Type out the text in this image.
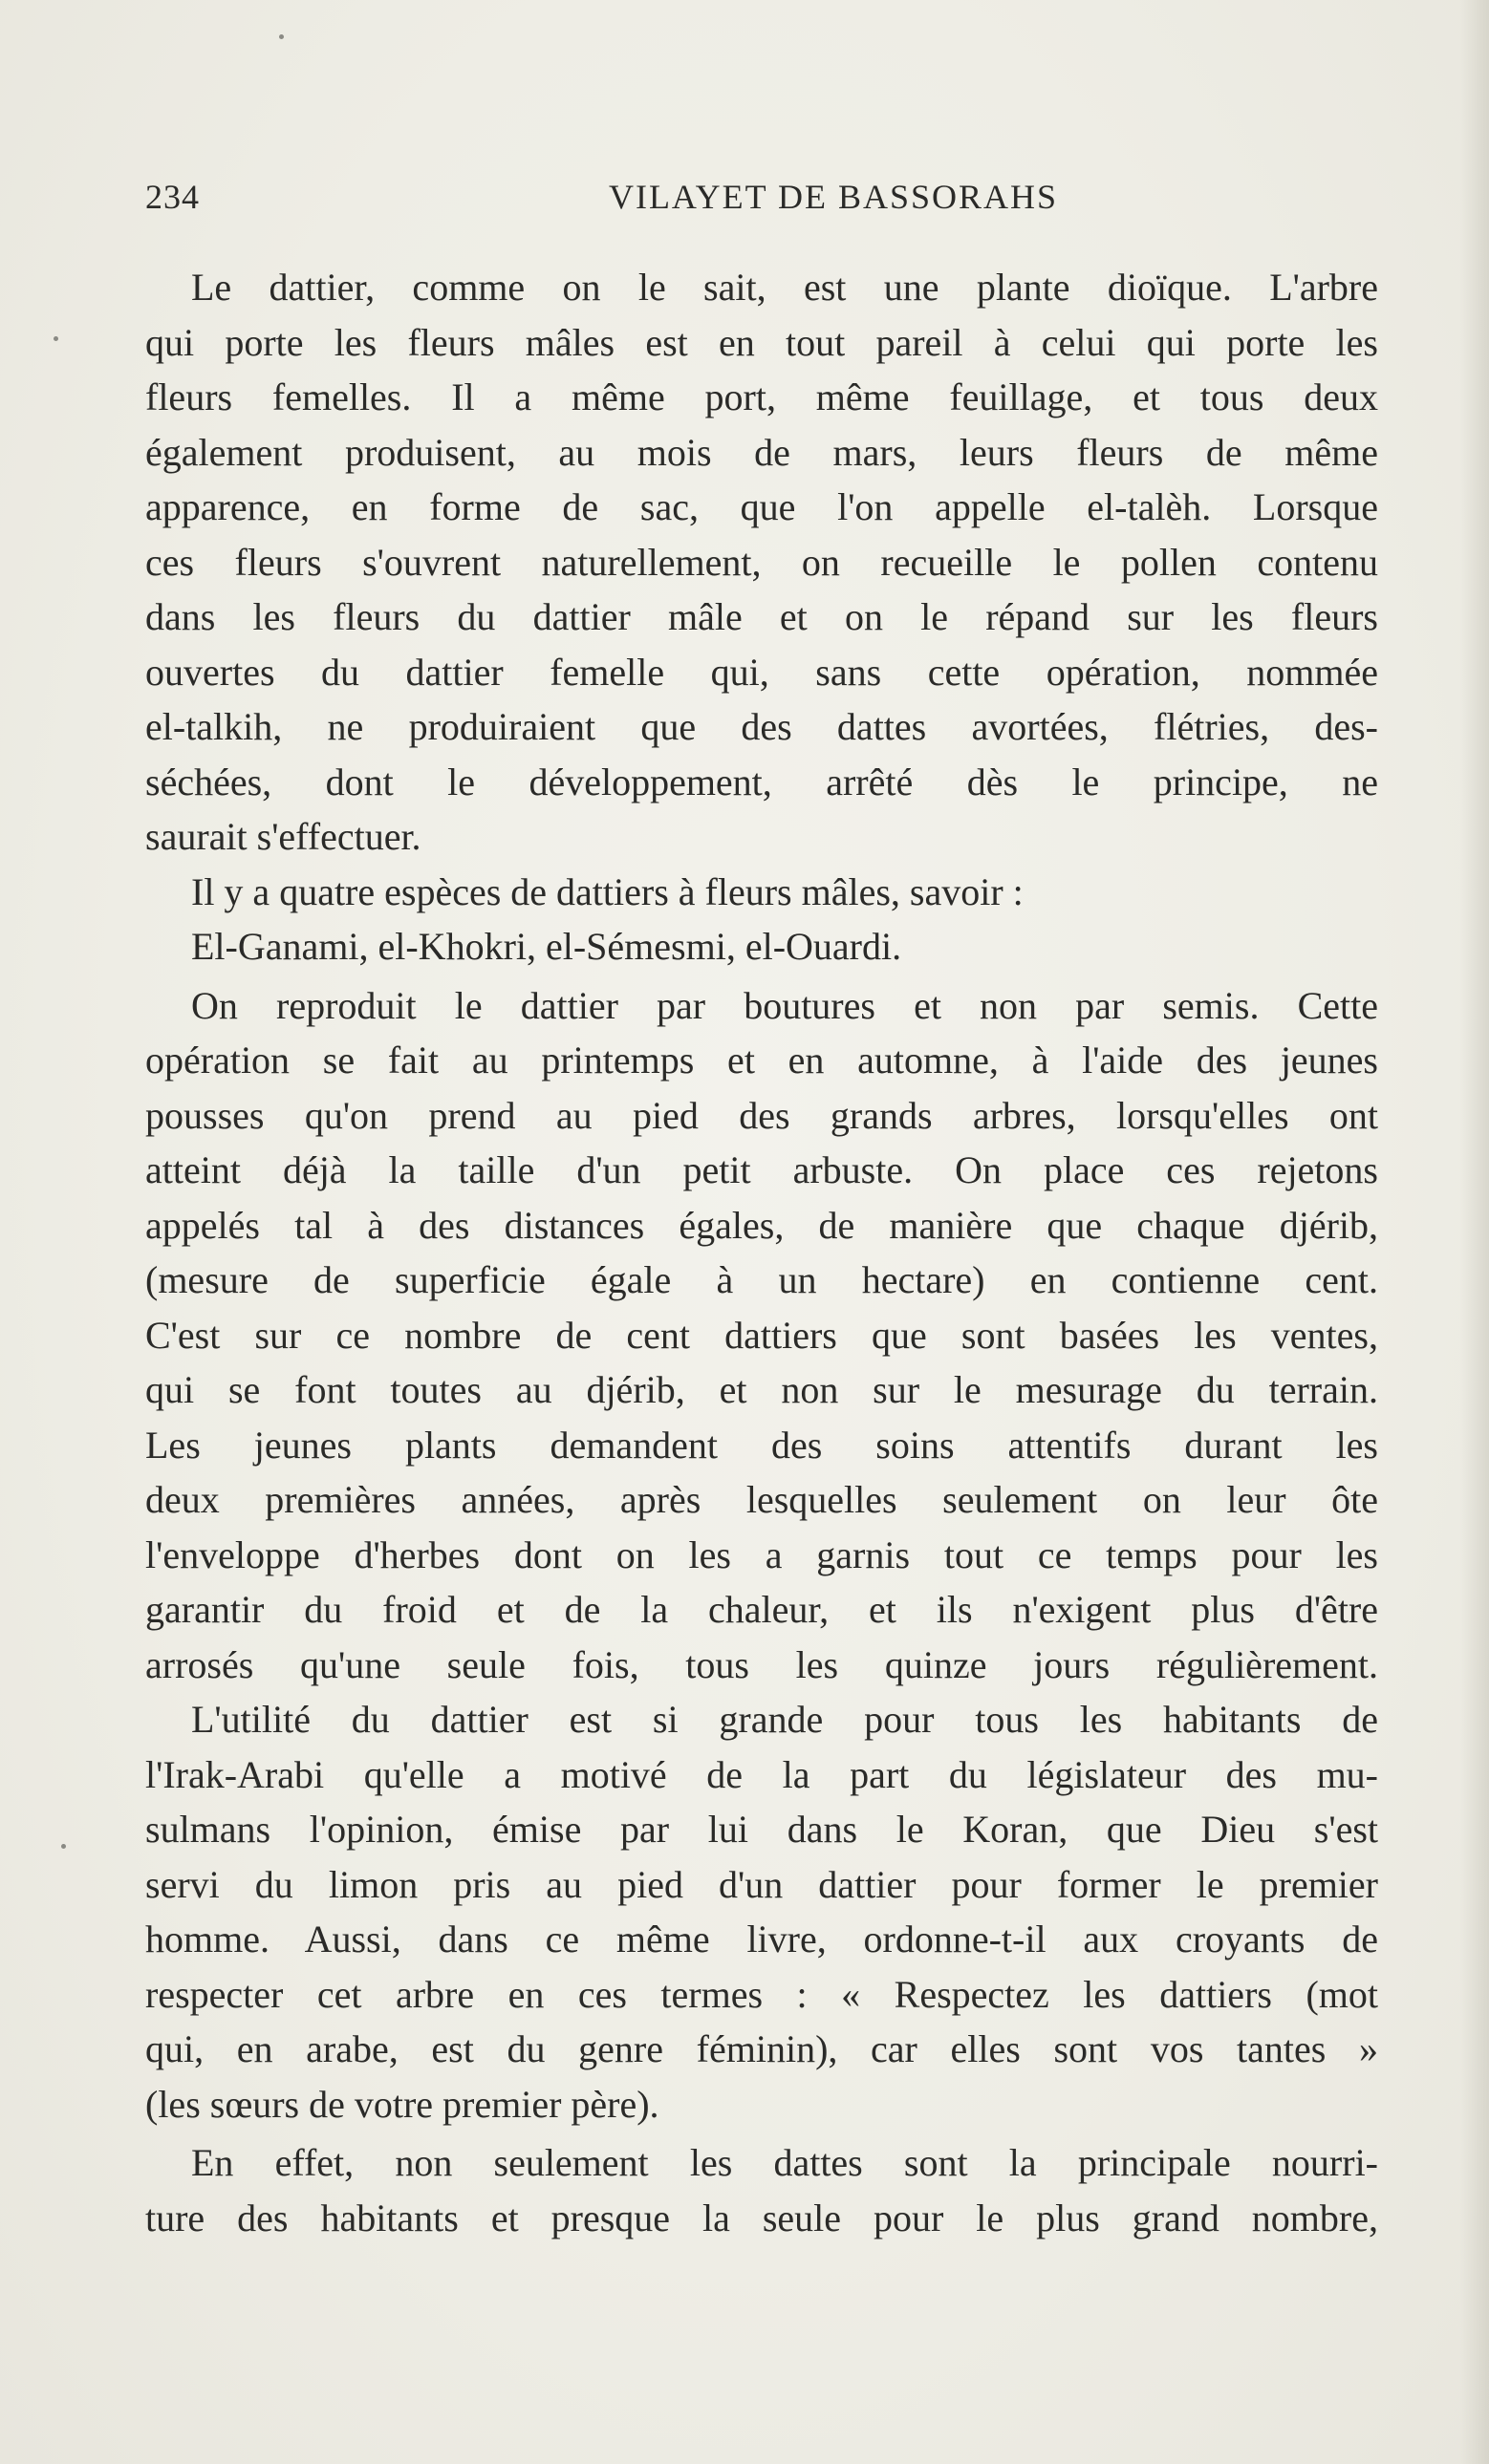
234	VILAYET DE BASSORAHS
Le dattier, comme on le sait, est une plante dioïque. L'arbre
qui porte les fleurs mâles est en tout pareil à celui qui porte les
fleurs femelles. Il a même port, même feuillage, et tous deux
également produisent, au mois de mars, leurs fleurs de même
apparence, en forme de sac, que l'on appelle el-talèh. Lorsque
ces fleurs s'ouvrent naturellement, on recueille le pollen contenu
dans les fleurs du dattier mâle et on le répand sur les fleurs
ouvertes du dattier femelle qui, sans cette opération, nommée
el-talkih, ne produiraient que des dattes avortées, flétries, des-
séchées, dont le développement, arrêté dès le principe, ne
saurait s'effectuer.
Il y a quatre espèces de dattiers à fleurs mâles, savoir :
El-Ganami, el-Khokri, el-Sémesmi, el-Ouardi.
On reproduit le dattier par boutures et non par semis. Cette
opération se fait au printemps et en automne, à l'aide des jeunes
pousses qu'on prend au pied des grands arbres, lorsqu'elles ont
atteint déjà la taille d'un petit arbuste. On place ces rejetons
appelés tal à des distances égales, de manière que chaque djérib,
(mesure de superficie égale à un hectare) en contienne cent.
C'est sur ce nombre de cent dattiers que sont basées les ventes,
qui se font toutes au djérib, et non sur le mesurage du terrain.
Les jeunes plants demandent des soins attentifs durant les
deux premières années, après lesquelles seulement on leur ôte
l'enveloppe d'herbes dont on les a garnis tout ce temps pour les
garantir du froid et de la chaleur, et ils n'exigent plus d'être
arrosés qu'une seule fois, tous les quinze jours régulièrement.
L'utilité du dattier est si grande pour tous les habitants de
l'Irak-Arabi qu'elle a motivé de la part du législateur des mu-
sulmans l'opinion, émise par lui dans le Koran, que Dieu s'est
servi du limon pris au pied d'un dattier pour former le premier
homme. Aussi, dans ce même livre, ordonne-t-il aux croyants de
respecter cet arbre en ces termes : « Respectez les dattiers (mot
qui, en arabe, est du genre féminin), car elles sont vos tantes »
(les sœurs de votre premier père).
En effet, non seulement les dattes sont la principale nourri-
ture des habitants et presque la seule pour le plus grand nombre,
